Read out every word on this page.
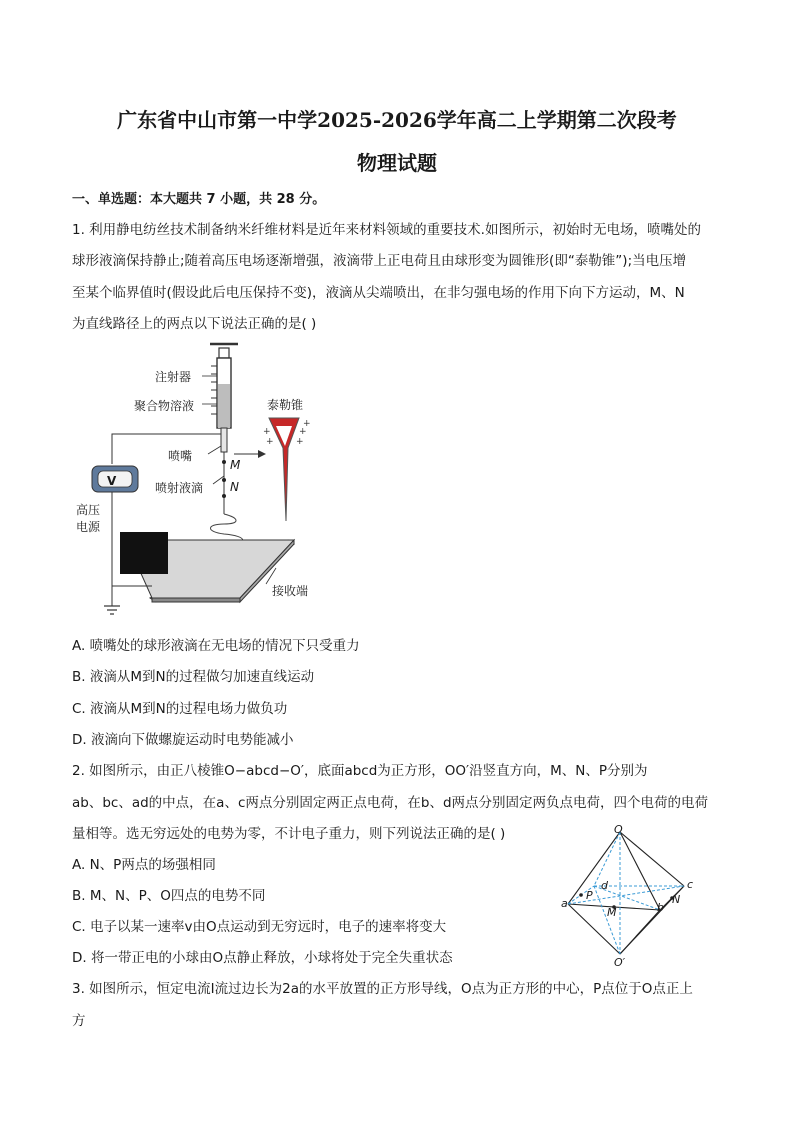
广东省中山市第一中学2025-2026学年高二上学期第二次段考
物理试题
一、单选题：本大题共 7 小题，共 28 分。
1. 利用静电纺丝技术制备纳米纤维材料是近年来材料领域的重要技术.如图所示，初始时无电场，喷嘴处的
球形液滴保持静止;随着高压电场逐渐增强，液滴带上正电荷且由球形变为圆锥形(即“泰勒锥”);当电压增
至某个临界值时(假设此后电压保持不变)，液滴从尖端喷出，在非匀强电场的作用下向下方运动，M、N
为直线路径上的两点以下说法正确的是( )
+	+
+ +
+
注射器
聚合物溶液	泰勒锥
喷嘴
喷射液滴
M
N
V
高压
电源
接收端
A. 喷嘴处的球形液滴在无电场的情况下只受重力
B. 液滴从M到N的过程做匀加速直线运动
C. 液滴从M到N的过程电场力做负功
D. 液滴向下做螺旋运动时电势能减小
2. 如图所示，由正八棱锥O−abcd−O′，底面abcd为正方形，OO′沿竖直方向，M、N、P分别为
ab、bc、ad的中点，在a、c两点分别固定两正点电荷，在b、d两点分别固定两负点电荷，四个电荷的电荷
量相等。选无穷远处的电势为零，不计电子重力，则下列说法正确的是( )	O
O′
a	b
c
d
M
N
P
A. N、P两点的场强相同
B. M、N、P、O四点的电势不同
C. 电子以某一速率v由O点运动到无穷远时，电子的速率将变大
D. 将一带正电的小球由O点静止释放，小球将处于完全失重状态
3. 如图所示，恒定电流I流过边长为2a的水平放置的正方形导线，O点为正方形的中心，P点位于O点正上
方
